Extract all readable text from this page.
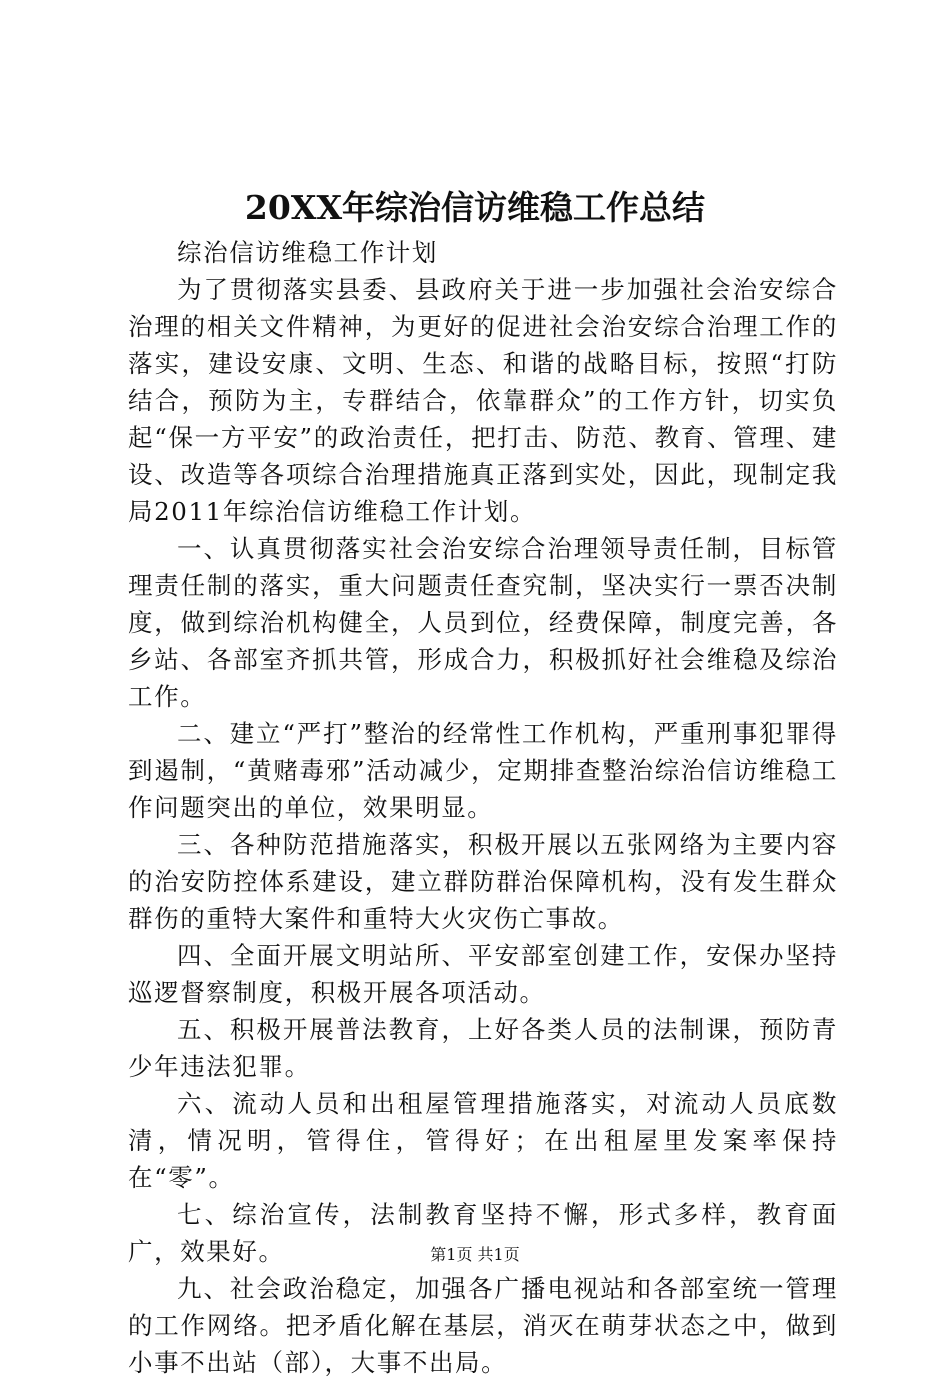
20XX年综治信访维稳工作总结

综治信访维稳工作计划

为了贯彻落实县委、县政府关于进一步加强社会治安综合治理的相关文件精神，为更好的促进社会治安综合治理工作的落实，建设安康、文明、生态、和谐的战略目标，按照“打防结合，预防为主，专群结合，依靠群众”的工作方针，切实负起“保一方平安”的政治责任，把打击、防范、教育、管理、建设、改造等各项综合治理措施真正落到实处，因此，现制定我局2011年综治信访维稳工作计划。

一、认真贯彻落实社会治安综合治理领导责任制，目标管理责任制的落实，重大问题责任查究制，坚决实行一票否决制度，做到综治机构健全，人员到位，经费保障，制度完善，各乡站、各部室齐抓共管，形成合力，积极抓好社会维稳及综治工作。

二、建立“严打”整治的经常性工作机构，严重刑事犯罪得到遏制，“黄赌毒邪”活动减少，定期排查整治综治信访维稳工作问题突出的单位，效果明显。

三、各种防范措施落实，积极开展以五张网络为主要内容的治安防控体系建设，建立群防群治保障机构，没有发生群众群伤的重特大案件和重特大火灾伤亡事故。

四、全面开展文明站所、平安部室创建工作，安保办坚持巡逻督察制度，积极开展各项活动。

五、积极开展普法教育，上好各类人员的法制课，预防青少年违法犯罪。

六、流动人员和出租屋管理措施落实，对流动人员底数清，情况明，管得住，管得好；在出租屋里发案率保持在“零”。

七、综治宣传，法制教育坚持不懈，形式多样，教育面广，效果好。

九、社会政治稳定，加强各广播电视站和各部室统一管理的工作网络。把矛盾化解在基层，消灭在萌芽状态之中，做到小事不出站（部），大事不出局。

第1页 共1页
